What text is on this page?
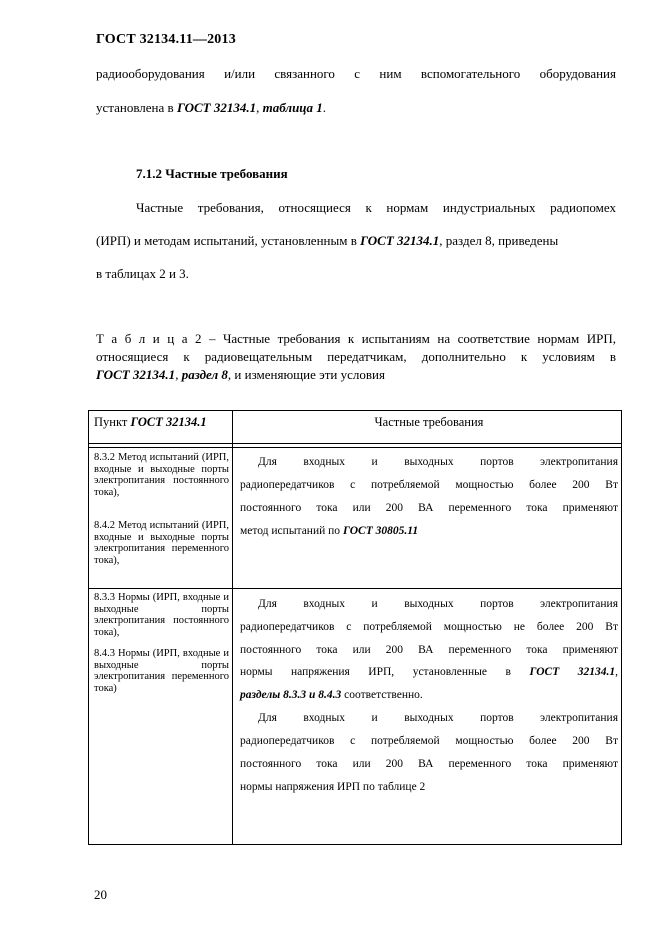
ГОСТ 32134.11—2013
радиооборудования и/или связанного с ним вспомогательного оборудования
установлена в ГОСТ 32134.1, таблица 1.
7.1.2 Частные требования
Частные требования, относящиеся к нормам индустриальных радиопомех
(ИРП) и методам испытаний, установленным в ГОСТ 32134.1, раздел 8, приведены
в таблицах 2 и 3.
Т а б л и ц а 2 – Частные требования к испытаниям на соответствие нормам ИРП,
относящиеся к радиовещательным передатчикам, дополнительно к условиям в
ГОСТ 32134.1, раздел 8, и изменяющие эти условия
Пункт ГОСТ 32134.1	Частные требования
8.3.2 Метод испытаний (ИРП, входные и выходные порты электропитания постоянного тока),
8.4.2 Метод испытаний (ИРП, входные и выходные порты электропитания переменного тока),
Для входных и выходных портов электропитания
радиопередатчиков с потребляемой мощностью более 200 Вт
постоянного тока или 200 ВА переменного тока применяют
метод испытаний по ГОСТ 30805.11
8.3.3 Нормы (ИРП, входные и выходные порты электропитания постоянного тока),
8.4.3 Нормы (ИРП, входные и выходные порты электропитания переменного тока)
Для входных и выходных портов электропитания
радиопередатчиков с потребляемой мощностью не более 200 Вт
постоянного тока или 200 ВА переменного тока применяют
нормы напряжения ИРП, установленные в ГОСТ 32134.1,
разделы 8.3.3 и 8.4.3 соответственно.
Для входных и выходных портов электропитания
радиопередатчиков с потребляемой мощностью более 200 Вт
постоянного тока или 200 ВА переменного тока применяют
нормы напряжения ИРП по таблице 2
20
